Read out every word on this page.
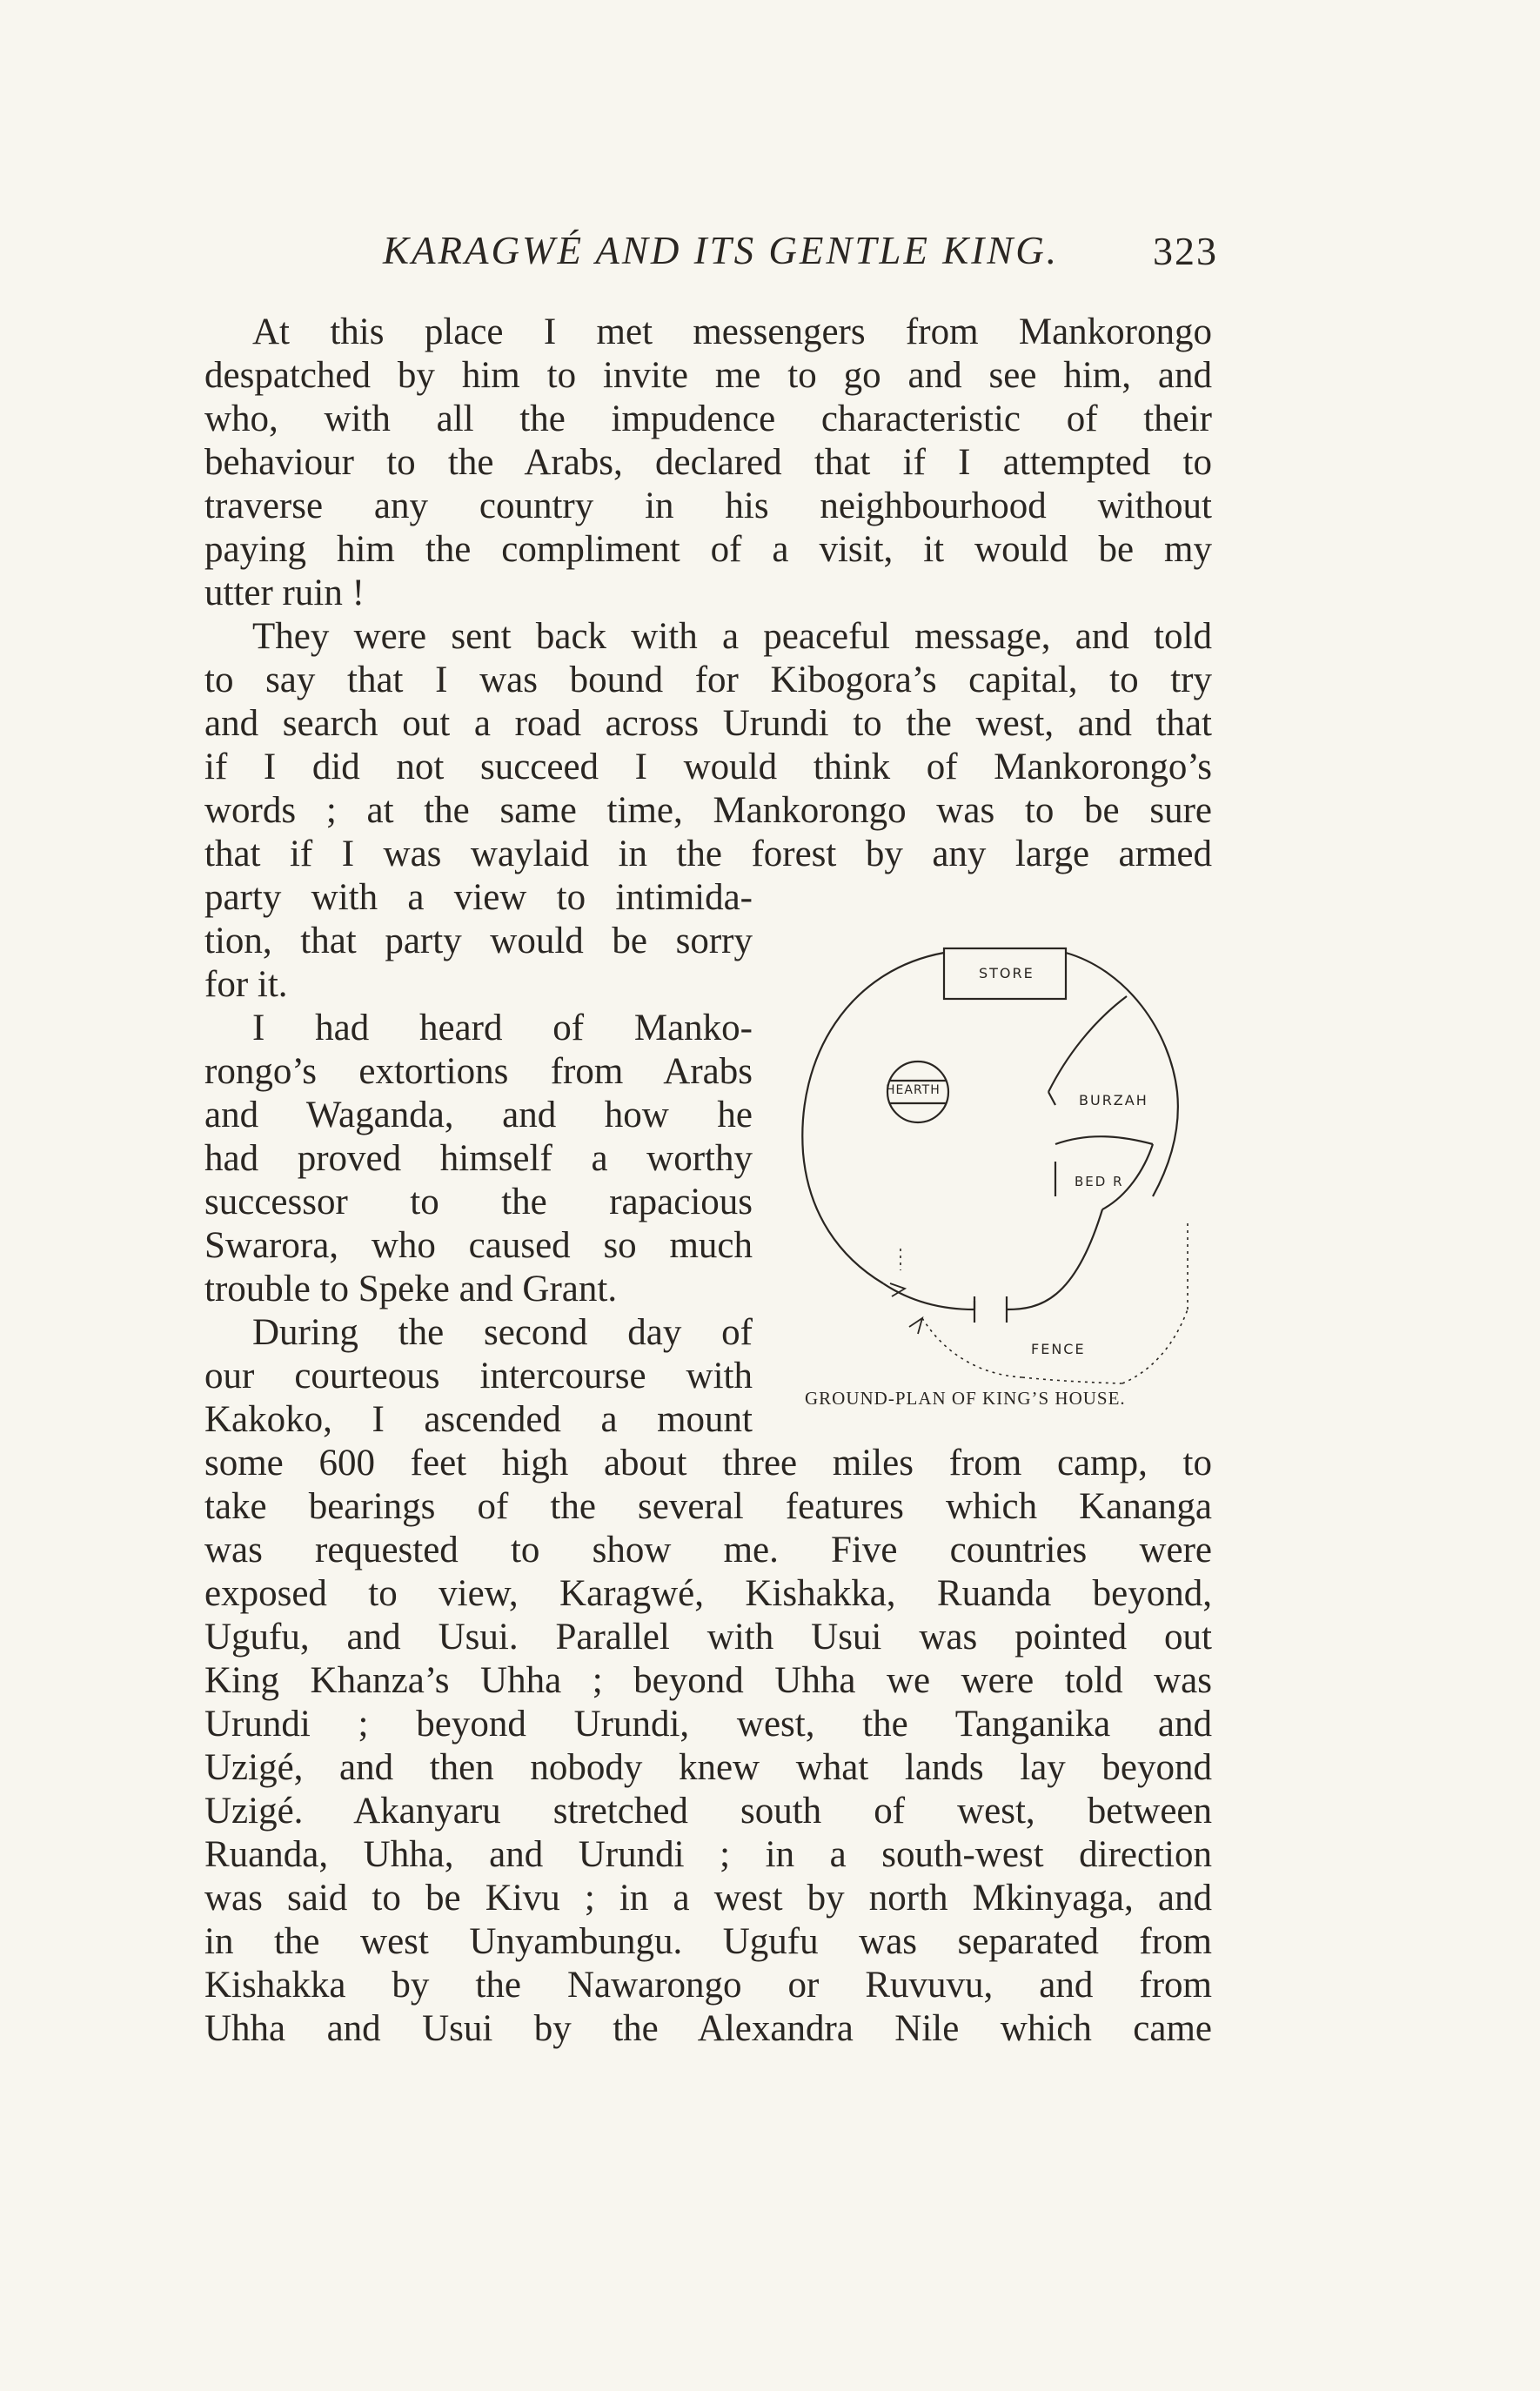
KARAGWÉ AND ITS GENTLE KING. 323
At this place I met messengers from Mankorongo
despatched by him to invite me to go and see him, and
who, with all the impudence characteristic of their
behaviour to the Arabs, declared that if I attempted to
traverse any country in his neighbourhood without
paying him the compliment of a visit, it would be my
utter ruin !
They were sent back with a peaceful message, and told
to say that I was bound for Kibogora’s capital, to try
and search out a road across Urundi to the west, and that
if I did not succeed I would think of Mankorongo’s
words ; at the same time, Mankorongo was to be sure
that if I was waylaid in the forest by any large armed
party with a view to intimida-
tion, that party would be sorry
for it.
I had heard of Manko-
rongo’s extortions from Arabs
and Waganda, and how he
had proved himself a worthy
successor to the rapacious
Swarora, who caused so much
trouble to Speke and Grant.
During the second day of
our courteous intercourse with
Kakoko, I ascended a mount
some 600 feet high about three miles from camp, to
take bearings of the several features which Kananga
was requested to show me. Five countries were
exposed to view, Karagwé, Kishakka, Ruanda beyond,
Ugufu, and Usui. Parallel with Usui was pointed out
King Khanza’s Uhha ; beyond Uhha we were told was
Urundi ; beyond Urundi, west, the Tanganika and
Uzigé, and then nobody knew what lands lay beyond
Uzigé. Akanyaru stretched south of west, between
Ruanda, Uhha, and Urundi ; in a south-west direction
was said to be Kivu ; in a west by north Mkinyaga, and
in the west Unyambungu. Ugufu was separated from
Kishakka by the Nawarongo or Ruvuvu, and from
Uhha and Usui by the Alexandra Nile which came
STORE
HEARTH
BURZAH
BED R
FENCE
GROUND-PLAN OF KING’S HOUSE.
